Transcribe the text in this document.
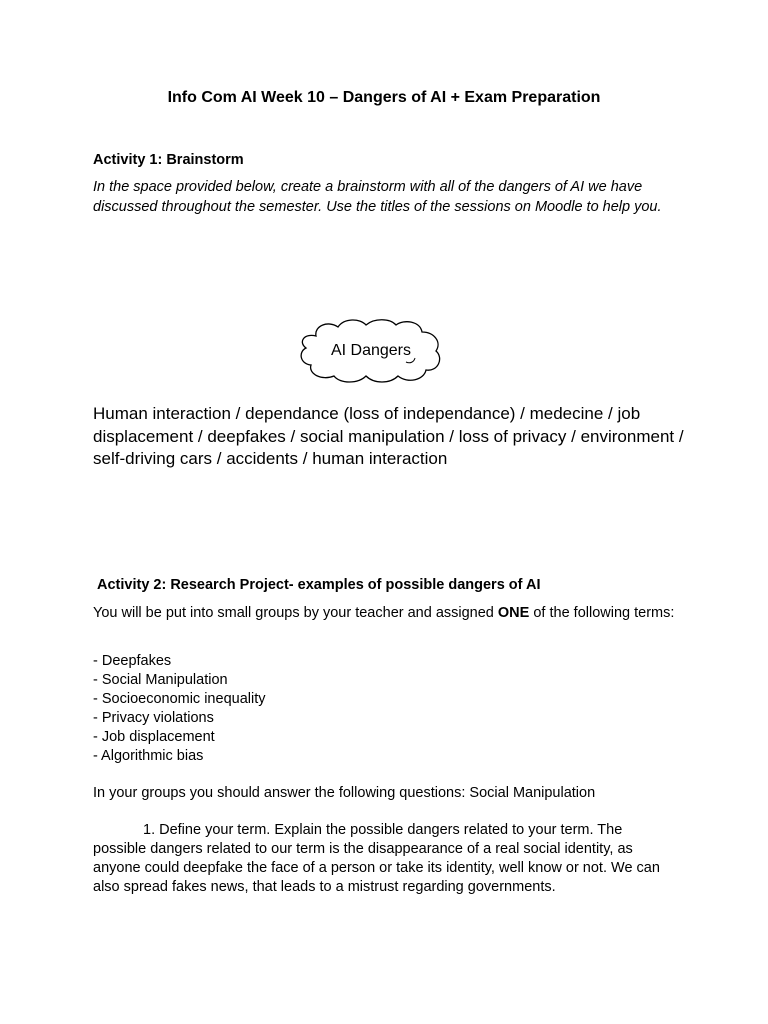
Info Com AI Week 10 – Dangers of AI + Exam Preparation
Activity 1: Brainstorm
In the space provided below, create a brainstorm with all of the dangers of AI we have discussed throughout the semester. Use the titles of the sessions on Moodle to help you.
AI Dangers
Human interaction / dependance (loss of independance) / medecine / job displacement / deepfakes / social manipulation / loss of privacy / environment / self-driving cars / accidents / human interaction
Activity 2: Research Project- examples of possible dangers of AI
You will be put into small groups by your teacher and assigned ONE of the following terms:
- Deepfakes
- Social Manipulation
- Socioeconomic inequality
- Privacy violations
- Job displacement
- Algorithmic bias
In your groups you should answer the following questions: Social Manipulation
1. Define your term. Explain the possible dangers related to your term. The possible dangers related to our term is the disappearance of a real social identity, as anyone could deepfake the face of a person or take its identity, well know or not. We can also spread fakes news, that leads to a mistrust regarding governments.
